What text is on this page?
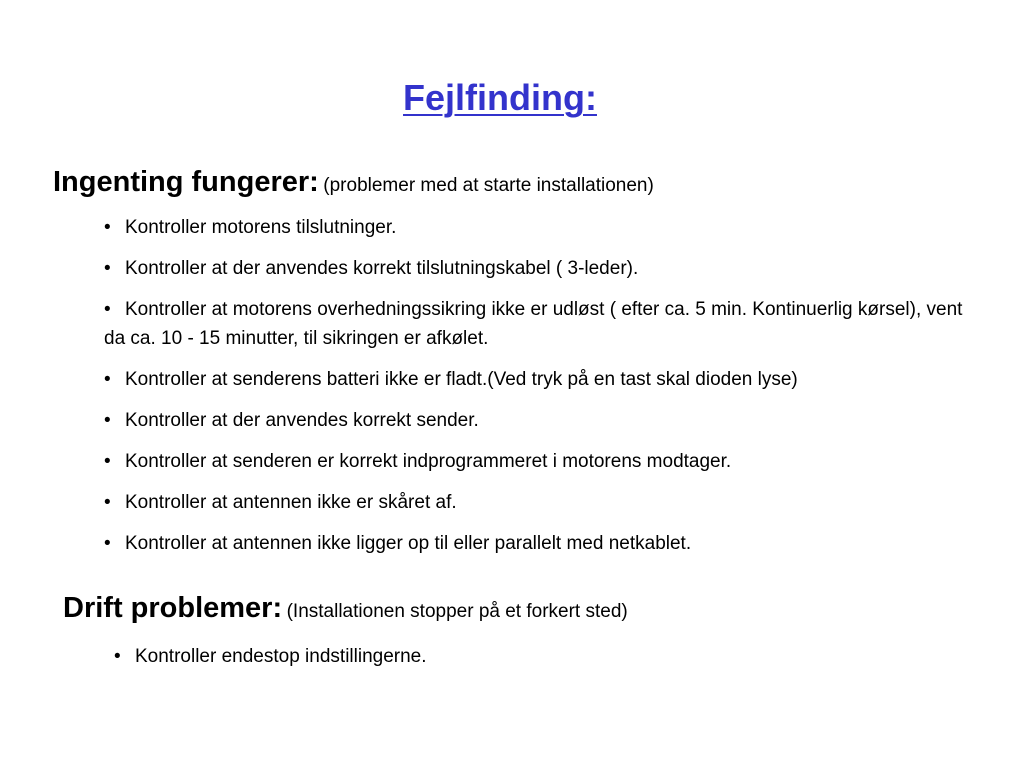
Fejlfinding:
Ingenting fungerer: (problemer med at starte installationen)
• Kontroller motorens tilslutninger.
• Kontroller at der anvendes korrekt tilslutningskabel ( 3-leder).
• Kontroller at motorens overhedningssikring ikke er udløst ( efter ca. 5 min. Kontinuerlig kørsel), vent da ca. 10 - 15 minutter, til sikringen er afkølet.
• Kontroller at senderens batteri ikke er fladt.(Ved tryk på en tast skal dioden lyse)
• Kontroller at der anvendes korrekt sender.
• Kontroller at senderen er korrekt indprogrammeret i motorens modtager.
• Kontroller at antennen ikke er skåret af.
• Kontroller at antennen ikke ligger op til eller parallelt med netkablet.
Drift problemer: (Installationen stopper på et forkert sted)
• Kontroller endestop indstillingerne.
